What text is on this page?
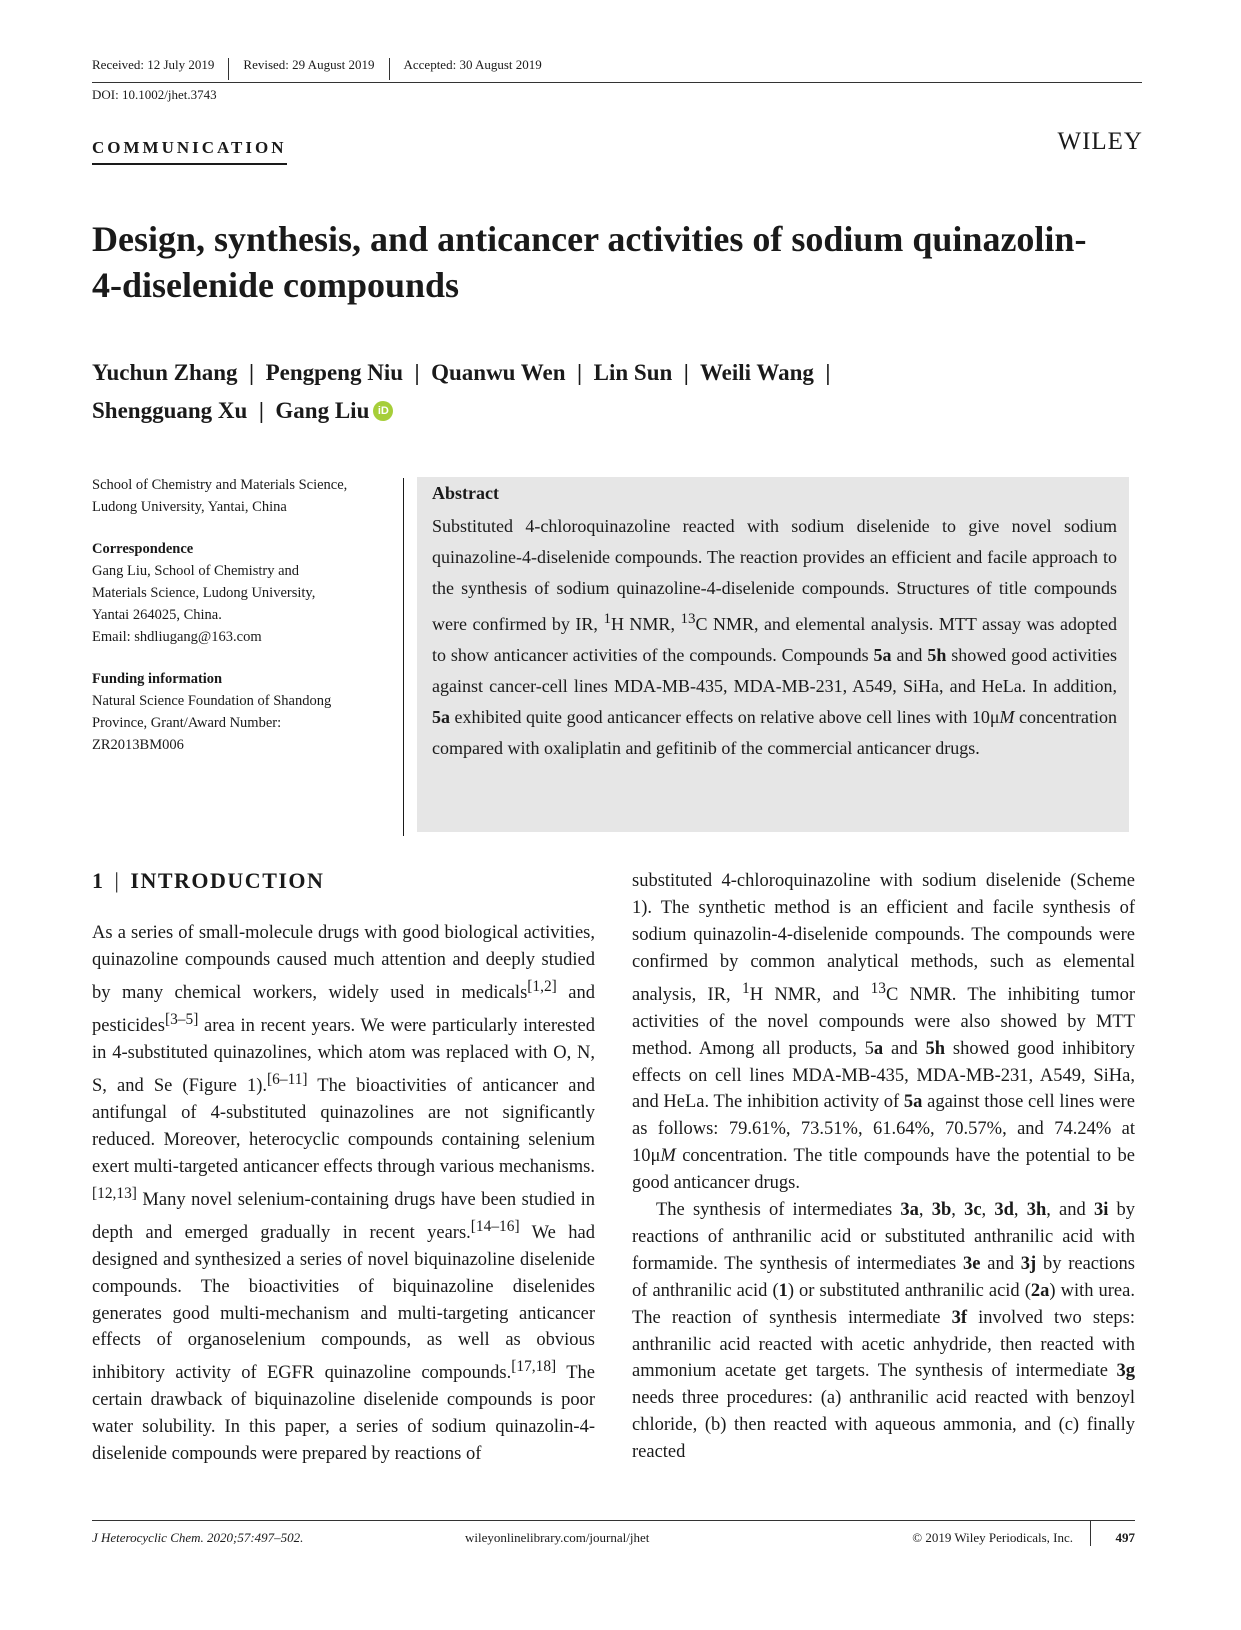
Received: 12 July 2019	Revised: 29 August 2019	Accepted: 30 August 2019
DOI: 10.1002/jhet.3743
COMMUNICATION	WILEY
Design, synthesis, and anticancer activities of sodium quinazolin-4-diselenide compounds
Yuchun Zhang  |  Pengpeng Niu  |  Quanwu Wen  |  Lin Sun  |  Weili Wang  |
Shengguang Xu  |  Gang Liu iD
School of Chemistry and Materials Science, Ludong University, Yantai, China
Correspondence
Gang Liu, School of Chemistry and
Materials Science, Ludong University,
Yantai 264025, China.
Email: shdliugang@163.com
Funding information
Natural Science Foundation of Shandong
Province, Grant/Award Number:
ZR2013BM006
Abstract

Substituted 4-chloroquinazoline reacted with sodium diselenide to give novel sodium quinazoline-4-diselenide compounds. The reaction provides an efficient and facile approach to the synthesis of sodium quinazoline-4-diselenide compounds. Structures of title compounds were confirmed by IR, $^1$H NMR, $^{13}$C NMR, and elemental analysis. MTT assay was adopted to show anticancer activities of the compounds. Compounds 5a and 5h showed good activities against cancer-cell lines MDA-MB-435, MDA-MB-231, A549, SiHa, and HeLa. In addition, 5a exhibited quite good anticancer effects on relative above cell lines with 10μM concentration compared with oxaliplatin and gefitinib of the commercial anticancer drugs.

1 | INTRODUCTION

As a series of small-molecule drugs with good biological activities, quinazoline compounds caused much attention and deeply studied by many chemical workers, widely used in medicals[1,2] and pesticides[3–5] area in recent years. We were particularly interested in 4-substituted quinazolines, which atom was replaced with O, N, S, and Se (Figure 1).[6–11] The bioactivities of anticancer and antifungal of 4-substituted quinazolines are not significantly reduced. Moreover, heterocyclic compounds containing selenium exert multi-targeted anticancer effects through various mechanisms.[12,13] Many novel selenium-containing drugs have been studied in depth and emerged gradually in recent years.[14–16] We had designed and synthesized a series of novel biquinazoline diselenide compounds. The bioactivities of biquinazoline diselenides generates good multi-mechanism and multi-targeting anticancer effects of organoselenium compounds, as well as obvious inhibitory activity of EGFR quinazoline compounds.[17,18] The certain drawback of biquinazoline diselenide compounds is poor water solubility. In this paper, a series of sodium quinazolin-4-diselenide compounds were prepared by reactions of

substituted 4-chloroquinazoline with sodium diselenide (Scheme 1). The synthetic method is an efficient and facile synthesis of sodium quinazolin-4-diselenide compounds. The compounds were confirmed by common analytical methods, such as elemental analysis, IR, $^1$H NMR, and $^{13}$C NMR. The inhibiting tumor activities of the novel compounds were also showed by MTT method. Among all products, 5a and 5h showed good inhibitory effects on cell lines MDA-MB-435, MDA-MB-231, A549, SiHa, and HeLa. The inhibition activity of 5a against those cell lines were as follows: 79.61%, 73.51%, 61.64%, 70.57%, and 74.24% at 10μM concentration. The title compounds have the potential to be good anticancer drugs.

The synthesis of intermediates 3a, 3b, 3c, 3d, 3h, and 3i by reactions of anthranilic acid or substituted anthranilic acid with formamide. The synthesis of intermediates 3e and 3j by reactions of anthranilic acid (1) or substituted anthranilic acid (2a) with urea. The reaction of synthesis intermediate 3f involved two steps: anthranilic acid reacted with acetic anhydride, then reacted with ammonium acetate get targets. The synthesis of intermediate 3g needs three procedures: (a) anthranilic acid reacted with benzoyl chloride, (b) then reacted with aqueous ammonia, and (c) finally reacted

J Heterocyclic Chem. 2020;57:497–502.	wileyonlinelibrary.com/journal/jhet	© 2019 Wiley Periodicals, Inc.	497
